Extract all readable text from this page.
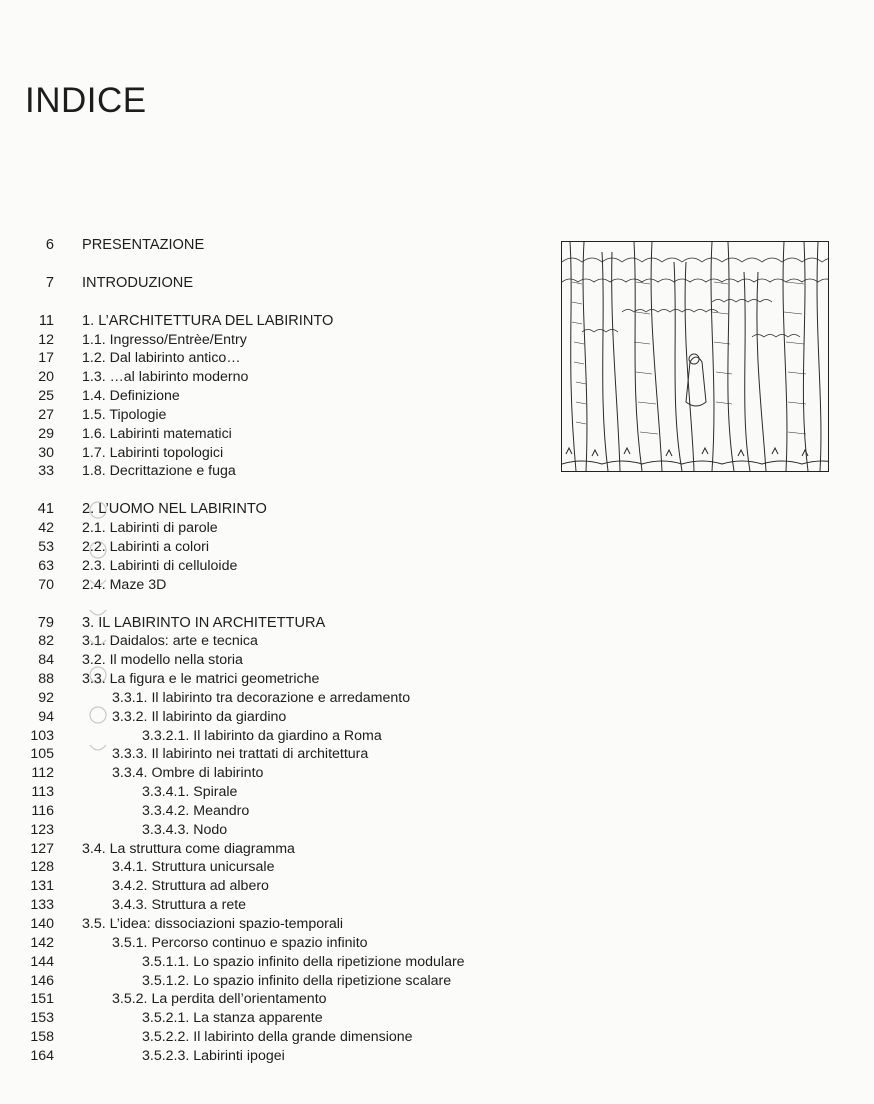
INDICE
6 PRESENTAZIONE
7 INTRODUZIONE
11 1. L’ARCHITETTURA DEL LABIRINTO
12 1.1. Ingresso/Entrèe/Entry
17 1.2. Dal labirinto antico…
20 1.3. …al labirinto moderno
25 1.4. Definizione
27 1.5. Tipologie
29 1.6. Labirinti matematici
30 1.7. Labirinti topologici
33 1.8. Decrittazione e fuga
41 2. L’UOMO NEL LABIRINTO
42 2.1. Labirinti di parole
53 2.2. Labirinti a colori
63 2.3. Labirinti di celluloide
70 2.4. Maze 3D
79 3. IL LABIRINTO IN ARCHITETTURA
82 3.1. Daidalos: arte e tecnica
84 3.2. Il modello nella storia
88 3.3. La figura e le matrici geometriche
92	3.3.1. Il labirinto tra decorazione e arredamento
94	3.3.2. Il labirinto da giardino
103	3.3.2.1. Il labirinto da giardino a Roma
105	3.3.3. Il labirinto nei trattati di architettura
112	3.3.4. Ombre di labirinto
113	3.3.4.1. Spirale
116	3.3.4.2. Meandro
123	3.3.4.3. Nodo
127 3.4. La struttura come diagramma
128	3.4.1. Struttura unicursale
131	3.4.2. Struttura ad albero
133	3.4.3. Struttura a rete
140 3.5. L’idea: dissociazioni spazio-temporali
142	3.5.1. Percorso continuo e spazio infinito
144	3.5.1.1. Lo spazio infinito della ripetizione modulare
146	3.5.1.2. Lo spazio infinito della ripetizione scalare
151	3.5.2. La perdita dell’orientamento
153	3.5.2.1. La stanza apparente
158	3.5.2.2. Il labirinto della grande dimensione
164	3.5.2.3. Labirinti ipogei
